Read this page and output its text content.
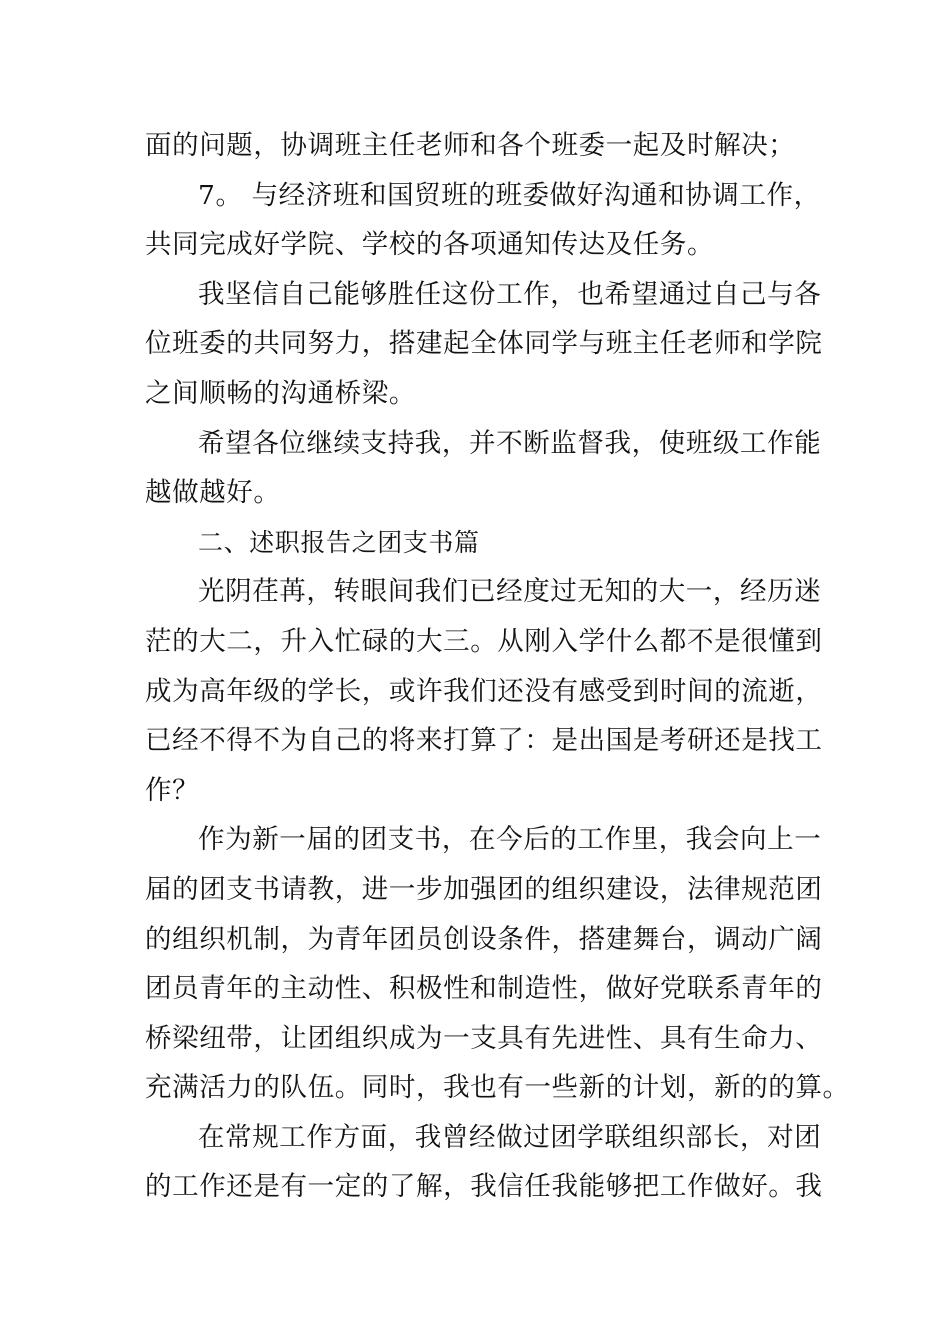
面的问题，协调班主任老师和各个班委一起及时解决；
7。 与经济班和国贸班的班委做好沟通和协调工作，
共同完成好学院、学校的各项通知传达及任务。
我坚信自己能够胜任这份工作，也希望通过自己与各
位班委的共同努力，搭建起全体同学与班主任老师和学院
之间顺畅的沟通桥梁。
希望各位继续支持我，并不断监督我，使班级工作能
越做越好。
二、述职报告之团支书篇
光阴荏苒，转眼间我们已经度过无知的大一，经历迷
茫的大二，升入忙碌的大三。从刚入学什么都不是很懂到
成为高年级的学长，或许我们还没有感受到时间的流逝，
已经不得不为自己的将来打算了：是出国是考研还是找工
作？
作为新一届的团支书，在今后的工作里，我会向上一
届的团支书请教，进一步加强团的组织建设，法律规范团
的组织机制，为青年团员创设条件，搭建舞台，调动广阔
团员青年的主动性、积极性和制造性，做好党联系青年的
桥梁纽带，让团组织成为一支具有先进性、具有生命力、
充满活力的队伍。同时，我也有一些新的计划，新的的算。
在常规工作方面，我曾经做过团学联组织部长，对团
的工作还是有一定的了解，我信任我能够把工作做好。我
